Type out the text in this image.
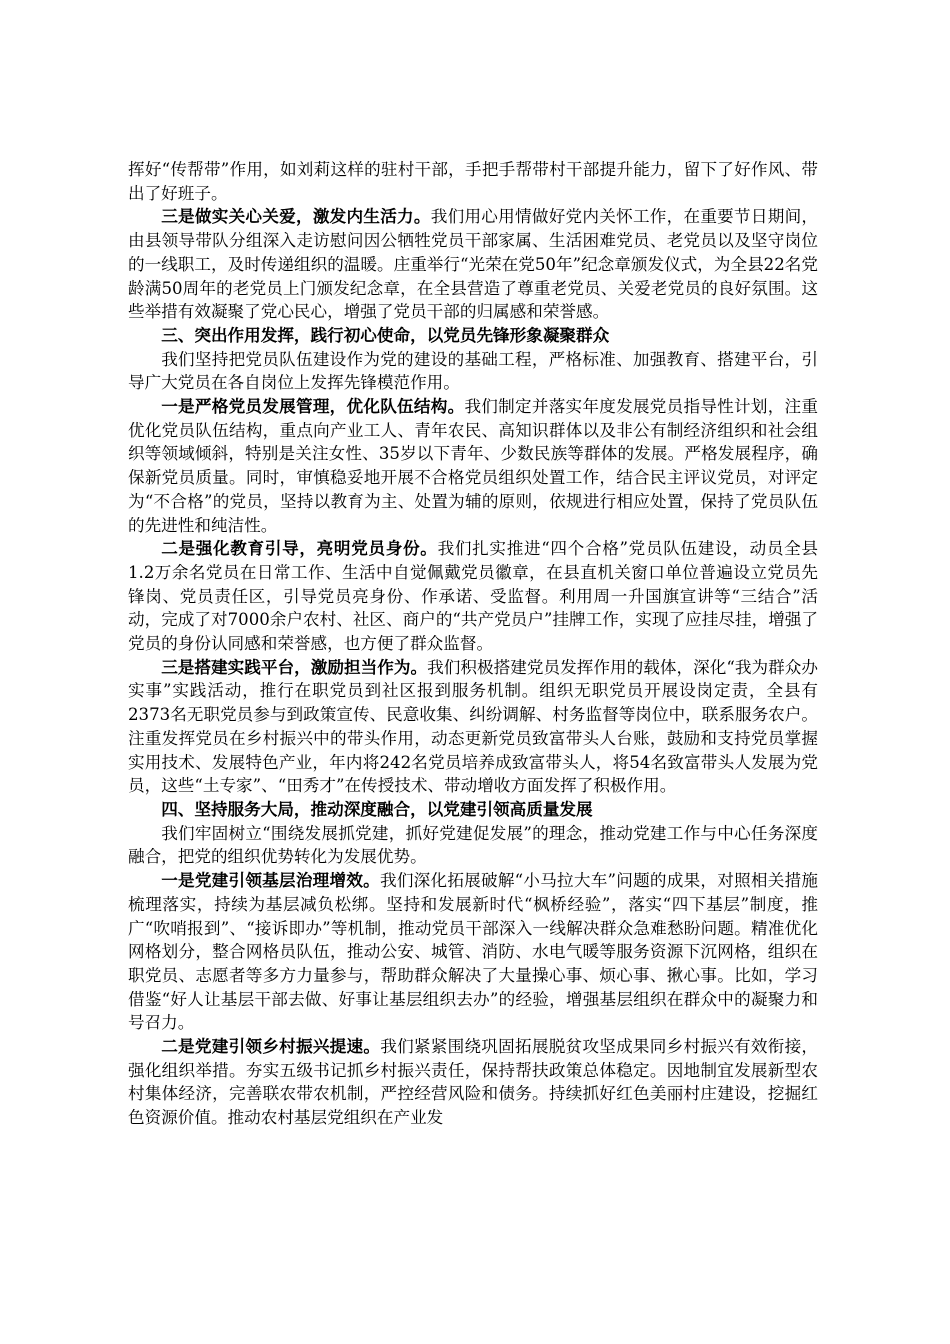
挥好“传帮带”作用，如刘莉这样的驻村干部，手把手帮带村干部提升能力，留下了好作风、带出了好班子。

三是做实关心关爱，激发内生活力。我们用心用情做好党内关怀工作，在重要节日期间，由县领导带队分组深入走访慰问因公牺牲党员干部家属、生活困难党员、老党员以及坚守岗位的一线职工，及时传递组织的温暖。庄重举行“光荣在党50年”纪念章颁发仪式，为全县22名党龄满50周年的老党员上门颁发纪念章，在全县营造了尊重老党员、关爱老党员的良好氛围。这些举措有效凝聚了党心民心，增强了党员干部的归属感和荣誉感。

三、突出作用发挥，践行初心使命，以党员先锋形象凝聚群众

我们坚持把党员队伍建设作为党的建设的基础工程，严格标准、加强教育、搭建平台，引导广大党员在各自岗位上发挥先锋模范作用。

一是严格党员发展管理，优化队伍结构。我们制定并落实年度发展党员指导性计划，注重优化党员队伍结构，重点向产业工人、青年农民、高知识群体以及非公有制经济组织和社会组织等领域倾斜，特别是关注女性、35岁以下青年、少数民族等群体的发展。严格发展程序，确保新党员质量。同时，审慎稳妥地开展不合格党员组织处置工作，结合民主评议党员，对评定为“不合格”的党员，坚持以教育为主、处置为辅的原则，依规进行相应处置，保持了党员队伍的先进性和纯洁性。

二是强化教育引导，亮明党员身份。我们扎实推进“四个合格”党员队伍建设，动员全县1.2万余名党员在日常工作、生活中自觉佩戴党员徽章，在县直机关窗口单位普遍设立党员先锋岗、党员责任区，引导党员亮身份、作承诺、受监督。利用周一升国旗宣讲等“三结合”活动，完成了对7000余户农村、社区、商户的“共产党员户”挂牌工作，实现了应挂尽挂，增强了党员的身份认同感和荣誉感，也方便了群众监督。

三是搭建实践平台，激励担当作为。我们积极搭建党员发挥作用的载体，深化“我为群众办实事”实践活动，推行在职党员到社区报到服务机制。组织无职党员开展设岗定责，全县有2373名无职党员参与到政策宣传、民意收集、纠纷调解、村务监督等岗位中，联系服务农户。注重发挥党员在乡村振兴中的带头作用，动态更新党员致富带头人台账，鼓励和支持党员掌握实用技术、发展特色产业，年内将242名党员培养成致富带头人，将54名致富带头人发展为党员，这些“土专家”、“田秀才”在传授技术、带动增收方面发挥了积极作用。

四、坚持服务大局，推动深度融合，以党建引领高质量发展

我们牢固树立“围绕发展抓党建，抓好党建促发展”的理念，推动党建工作与中心任务深度融合，把党的组织优势转化为发展优势。

一是党建引领基层治理增效。我们深化拓展破解“小马拉大车”问题的成果，对照相关措施梳理落实，持续为基层减负松绑。坚持和发展新时代“枫桥经验”，落实“四下基层”制度，推广“吹哨报到”、“接诉即办”等机制，推动党员干部深入一线解决群众急难愁盼问题。精准优化网格划分，整合网格员队伍，推动公安、城管、消防、水电气暖等服务资源下沉网格，组织在职党员、志愿者等多方力量参与，帮助群众解决了大量操心事、烦心事、揪心事。比如，学习借鉴“好人让基层干部去做、好事让基层组织去办”的经验，增强基层组织在群众中的凝聚力和号召力。

二是党建引领乡村振兴提速。我们紧紧围绕巩固拓展脱贫攻坚成果同乡村振兴有效衔接，强化组织举措。夯实五级书记抓乡村振兴责任，保持帮扶政策总体稳定。因地制宜发展新型农村集体经济，完善联农带农机制，严控经营风险和债务。持续抓好红色美丽村庄建设，挖掘红色资源价值。推动农村基层党组织在产业发
